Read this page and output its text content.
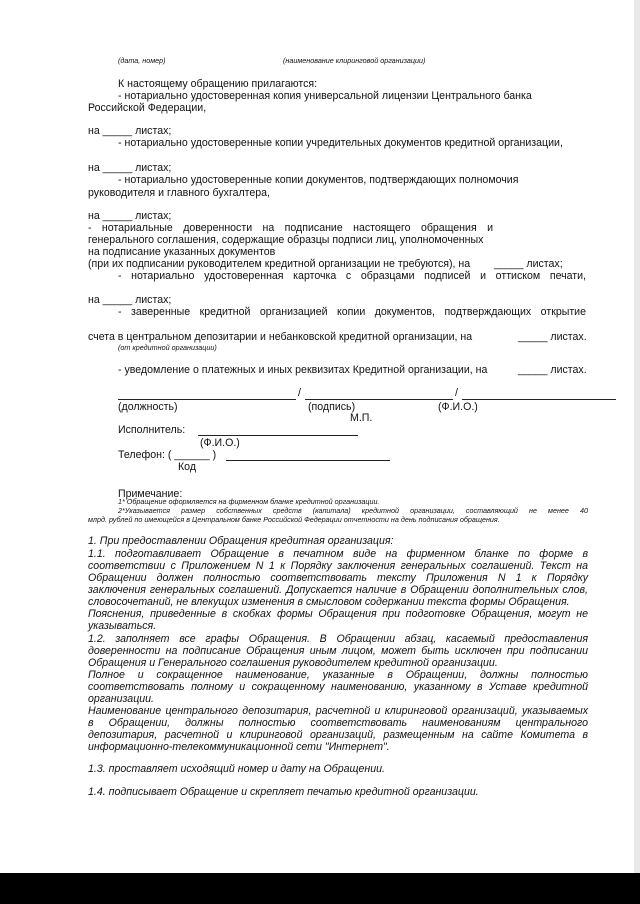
(дата, номер)	(наименование клиринговой организации)
К настоящему обращению прилагаются:
- нотариально удостоверенная копия универсальной лицензии Центрального банка
Российской Федерации,
на _____ листах;
- нотариально удостоверенные копии учредительных документов кредитной организации,
на _____ листах;
- нотариально удостоверенные копии документов, подтверждающих полномочия
руководителя и главного бухгалтера,
на _____ листах;
- нотариальные доверенности на подписание настоящего обращения и
генерального соглашения, содержащие образцы подписи лиц, уполномоченных
на подписание указанных документов
(при их подписании руководителем кредитной организации не требуются), на _____ листах;
- нотариально удостоверенная карточка с образцами подписей и оттиском печати,
на _____ листах;
- заверенные кредитной организацией копии документов, подтверждающих открытие
счета в центральном депозитарии и небанковской кредитной организации, на	_____ листах.
(от кредитной организации)
- уведомление о платежных и иных реквизитах Кредитной организации, на	_____ листах.
/	/
(должность)	(подпись)	(Ф.И.О.)
М.П.
Исполнитель:
(Ф.И.О.)
Телефон: ( ______ )
Код
Примечание:
1* Обращение оформляется на фирменном бланке кредитной организации.
2*Указывается размер собственных средств (капитала) кредитной организации, составляющий не менее 40
млрд. рублей по имеющейся в Центральном банке Российской Федерации отчетности на день подписания обращения.
1. При предоставлении Обращения кредитная организация:
1.1. подготавливает Обращение в печатном виде на фирменном бланке по форме в
соответствии с Приложением N 1 к Порядку заключения генеральных соглашений. Текст на
Обращении должен полностью соответствовать тексту Приложения N 1 к Порядку
заключения генеральных соглашений. Допускается наличие в Обращении дополнительных слов,
словосочетаний, не влекущих изменения в смысловом содержании текста формы Обращения.
Пояснения, приведенные в скобках формы Обращения при подготовке Обращения, могут не
указываться.
1.2. заполняет все графы Обращения. В Обращении абзац, касаемый предоставления
доверенности на подписание Обращения иным лицом, может быть исключен при подписании
Обращения и Генерального соглашения руководителем кредитной организации.
Полное и сокращенное наименование, указанные в Обращении, должны полностью
соответствовать полному и сокращенному наименованию, указанному в Уставе кредитной
организации.
Наименование центрального депозитария, расчетной и клиринговой организаций, указываемых
в Обращении, должны полностью соответствовать наименованиям центрального
депозитария, расчетной и клиринговой организаций, размещенным на сайте Комитета в
информационно-телекоммуникационной сети "Интернет".
1.3. проставляет исходящий номер и дату на Обращении.
1.4. подписывает Обращение и скрепляет печатью кредитной организации.
